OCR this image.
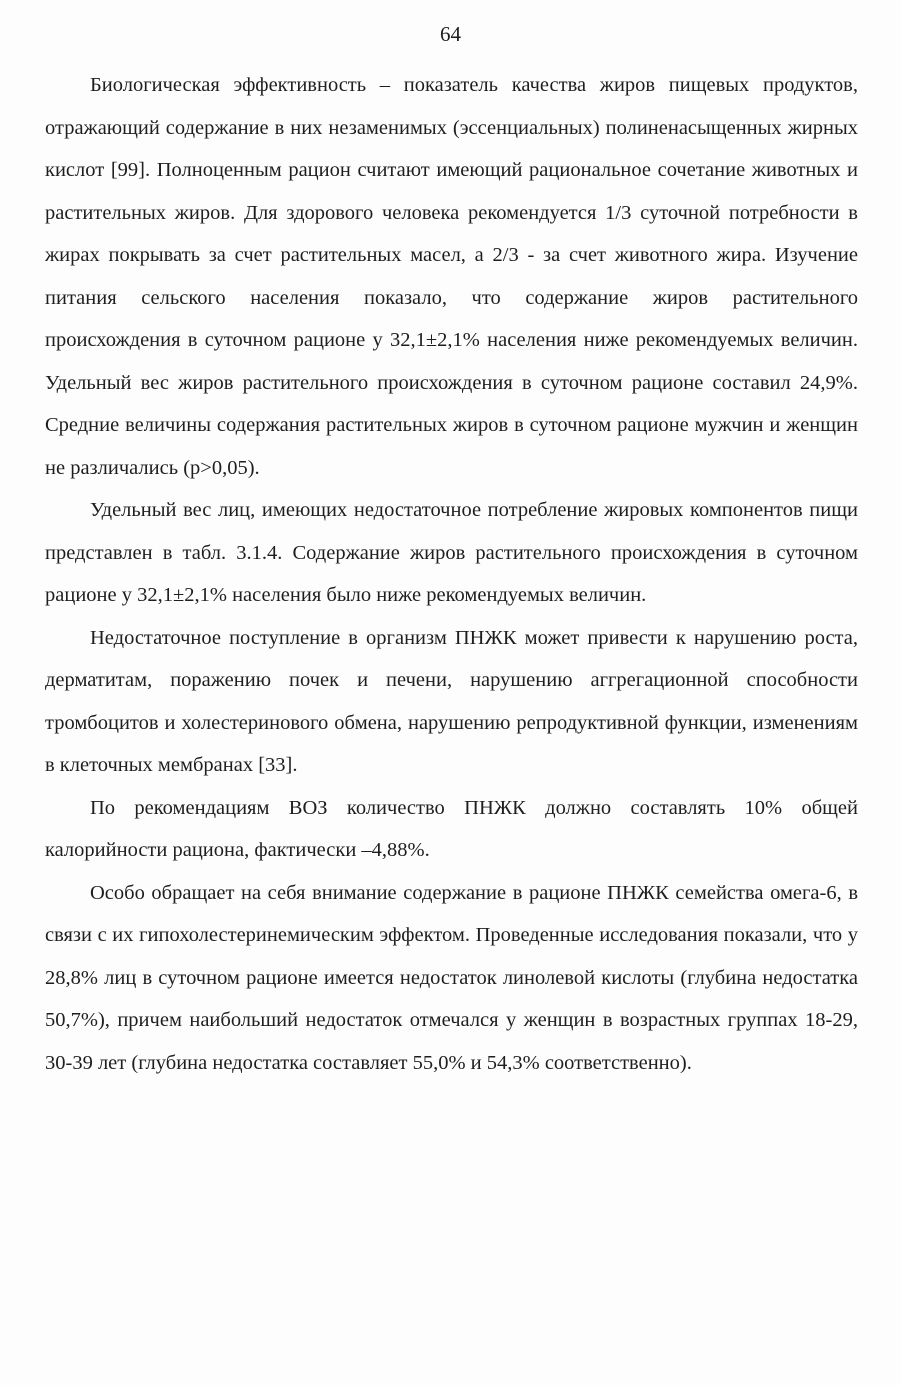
64

Биологическая эффективность – показатель качества жиров пищевых продуктов, отражающий содержание в них незаменимых (эссенциальных) полиненасыщенных жирных кислот [99]. Полноценным рацион считают имеющий рациональное сочетание животных и растительных жиров. Для здорового человека рекомендуется 1/3 суточной потребности в жирах покрывать за счет растительных масел, а 2/3 - за счет животного жира. Изучение питания сельского населения показало, что содержание жиров растительного происхождения в суточном рационе у 32,1±2,1% населения ниже рекомендуемых величин. Удельный вес жиров растительного происхождения в суточном рационе составил 24,9%. Средние величины содержания растительных жиров в суточном рационе мужчин и женщин не различались (p>0,05).

Удельный вес лиц, имеющих недостаточное потребление жировых компонентов пищи представлен в табл. 3.1.4. Содержание жиров растительного происхождения в суточном рационе у 32,1±2,1% населения было ниже рекомендуемых величин.

Недостаточное поступление в организм ПНЖК может привести к нарушению роста, дерматитам, поражению почек и печени, нарушению аггрегационной способности тромбоцитов и холестеринового обмена, нарушению репродуктивной функции, изменениям в клеточных мембранах [33].

По рекомендациям ВОЗ количество ПНЖК должно составлять 10% общей калорийности рациона, фактически –4,88%.

Особо обращает на себя внимание содержание в рационе ПНЖК семейства омега-6, в связи с их гипохолестеринемическим эффектом. Проведенные исследования показали, что у 28,8% лиц в суточном рационе имеется недостаток линолевой кислоты (глубина недостатка 50,7%), причем наибольший недостаток отмечался у женщин в возрастных группах 18-29, 30-39 лет (глубина недостатка составляет 55,0% и 54,3% соответственно).
